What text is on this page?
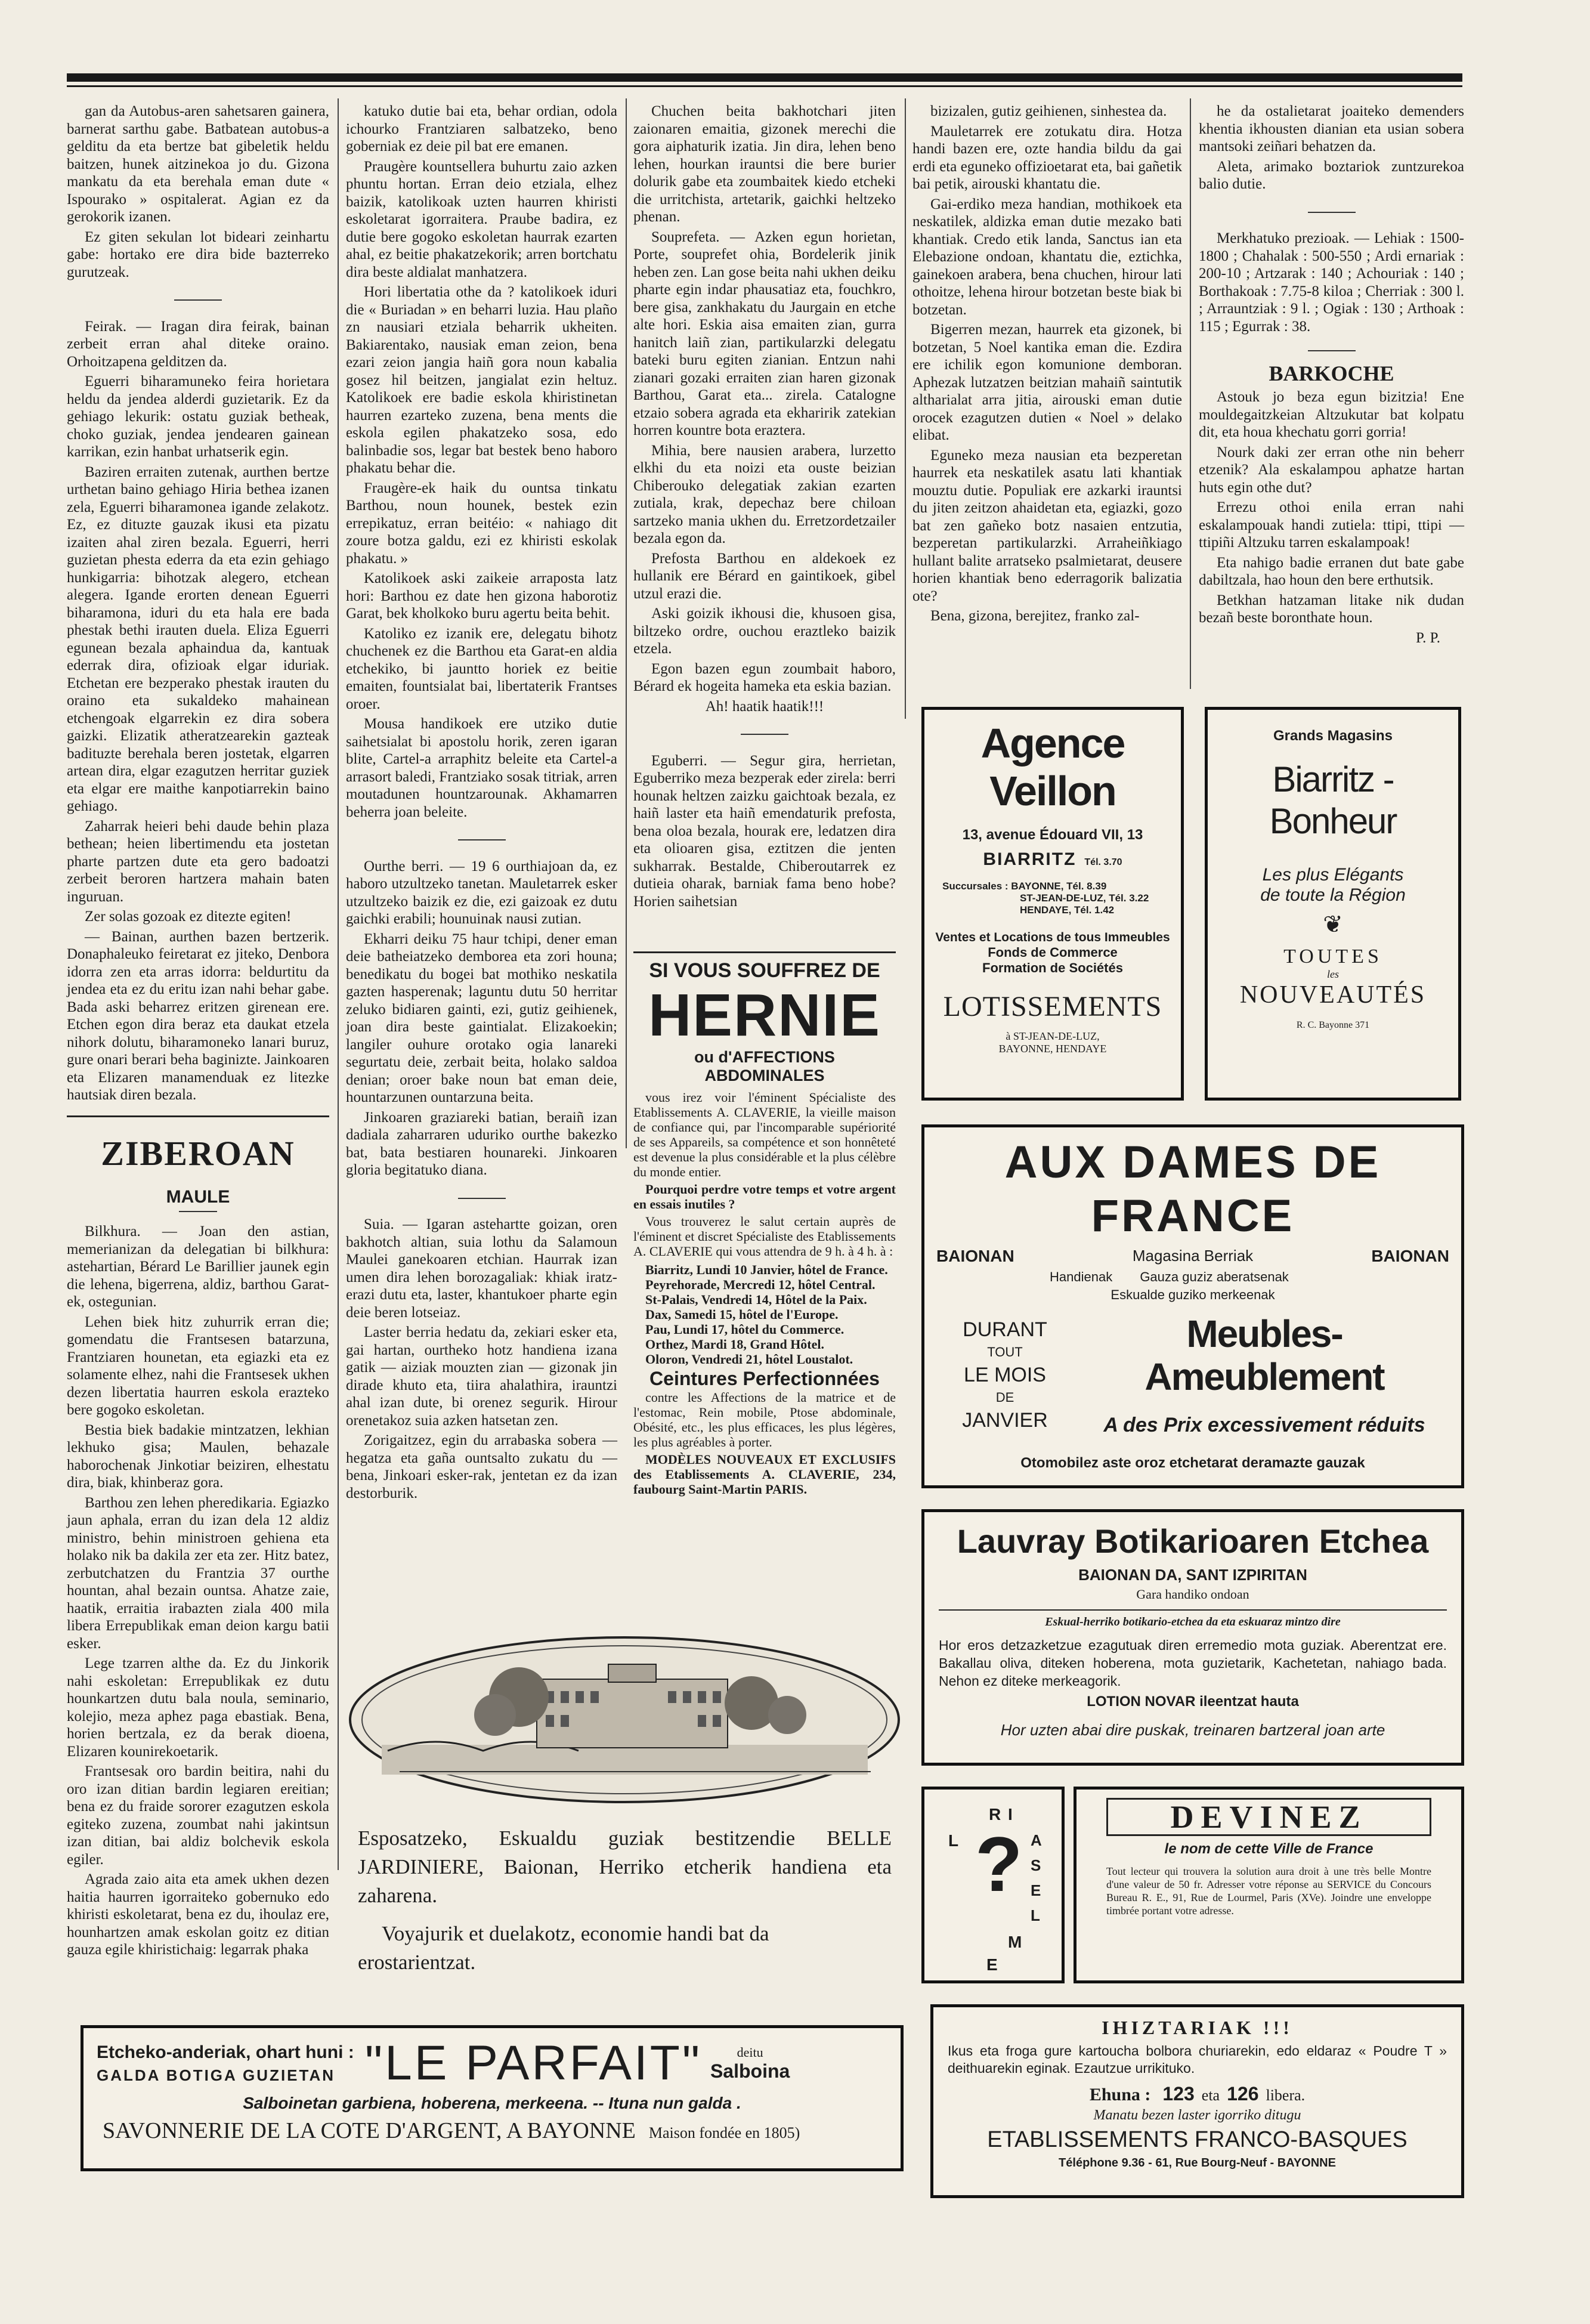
gan da Autobus-aren sahetsaren gainera, barnerat sarthu gabe. Batbatean autobus-a gelditu da eta bertze bat gibeletik heldu baitzen, hunek aitzinekoa jo du. Gizona mankatu da eta berehala eman dute « Ispourako » ospitalerat. Agian ez da gerokorik izanen.

Ez giten sekulan lot bideari zeinhartu gabe: hortako ere dira bide bazterreko gurutzeak.

Feirak. — Iragan dira feirak, bainan zerbeit erran ahal diteke oraino. Orhoitzapena gelditzen da.

Eguerri biharamuneko feira horietara heldu da jendea alderdi guzietarik. Ez da gehiago lekurik: ostatu guziak betheak, choko guziak, jendea jendearen gainean karrikan, ezin hanbat urhatserik egin.

Baziren erraiten zutenak, aurthen bertze urthetan baino gehiago Hiria bethea izanen zela, Eguerri biharamonea igande zelakotz. Ez, ez dituzte gauzak ikusi eta pizatu izaiten ahal ziren bezala. Eguerri, herri guzietan phesta ederra da eta ezin gehiago hunkigarria: bihotzak alegero, etchean alegera. Igande erorten denean Eguerri biharamona, iduri du eta hala ere bada phestak bethi irauten duela. Eliza Eguerri egunean bezala aphaindua da, kantuak ederrak dira, ofizioak elgar iduriak. Etchetan ere bezperako phestak irauten du oraino eta sukaldeko mahainean etchengoak elgarrekin ez dira sobera gaizki. Elizatik atheratzearekin gazteak badituzte berehala beren jostetak, elgarren artean dira, elgar ezagutzen herritar guziek eta elgar ere maithe kanpotiarrekin baino gehiago.

Zaharrak heieri behi daude behin plaza bethean; heien libertimendu eta jostetan pharte partzen dute eta gero badoatzi zerbeit beroren hartzera mahain baten inguruan.

Zer solas gozoak ez ditezte egiten!

— Bainan, aurthen bazen bertzerik. Donaphaleuko feiretarat ez jiteko, Denbora idorra zen eta arras idorra: beldurtitu da jendea eta ez du eritu izan nahi behar gabe. Bada aski beharrez eritzen girenean ere. Etchen egon dira beraz eta daukat etzela nihork dolutu, biharamoneko lanari buruz, gure onari berari beha baginizte. Jainkoaren eta Elizaren manamenduak ez litezke hautsiak diren bezala.

ZIBEROAN
MAULE

Bilkhura. — Joan den astian, memerianizan da delegatian bi bilkhura: astehartian, Bérard Le Barillier jaunek egin die lehena, bigerrena, aldiz, barthou Garat-ek, ostegunian.

Lehen biek hitz zuhurrik erran die; gomendatu die Frantsesen batarzuna, Frantziaren hounetan, eta egiazki eta ez solamente elhez, nahi die Frantsesek ukhen dezen libertatia haurren eskola erazteko bere gogoko eskoletan.

Bestia biek badakie mintzatzen, lekhian lekhuko gisa; Maulen, behazale haborochenak Jinkotiar beiziren, elhestatu dira, biak, khinberaz gora.

Barthou zen lehen pheredikaria. Egiazko jaun aphala, erran du izan dela 12 aldiz ministro, behin ministroen gehiena eta holako nik ba dakila zer eta zer. Hitz batez, zerbutchatzen du Frantzia 37 ourthe hountan, ahal bezain ountsa. Ahatze zaie, haatik, erraitia irabazten ziala 400 mila libera Errepublikak eman deion kargu batii esker.

Lege tzarren althe da. Ez du Jinkorik nahi eskoletan: Errepublikak ez dutu hounkartzen dutu bala noula, seminario, kolejio, meza aphez paga ebastiak. Bena, horien bertzala, ez da berak dioena, Elizaren kounirekoetarik.

Frantsesak oro bardin beitira, nahi du oro izan ditian bardin legiaren ereitian; bena ez du fraide sororer ezagutzen eskola egiteko zuzena, zoumbat nahi jakintsun izan ditian, bai aldiz bolchevik eskola egiler.

Agrada zaio aita eta amek ukhen dezen haitia haurren igorraiteko gobernuko edo khiristi eskoletarat, bena ez du, ihoulaz ere, hounhartzen amak eskolan goitz ez ditian gauza egile khiristichaig: legarrak phaka

katuko dutie bai eta, behar ordian, odola ichourko Frantziaren salbatzeko, beno goberniak ez deie pil bat ere emanen.

Praugère kountsellera buhurtu zaio azken phuntu hortan. Erran deio etziala, elhez baizik, katolikoak uzten haurren khiristi eskoletarat igorraitera. Praube badira, ez dutie bere gogoko eskoletan haurrak ezarten ahal, ez beitie phakatzekorik; arren bortchatu dira beste aldialat manhatzera.

Hori libertatia othe da ? katolikoek iduri die « Buriadan » en beharri luzia. Hau plaño zn nausiari etziala beharrik ukheiten. Bakiarentako, nausiak eman zeion, bena ezari zeion jangia haiñ gora noun kabalia gosez hil beitzen, jangialat ezin heltuz. Katolikoek ere badie eskola khiristinetan haurren ezarteko zuzena, bena ments die eskola egilen phakatzeko sosa, edo balinbadie sos, legar bat bestek beno haboro phakatu behar die.

Fraugère-ek haik du ountsa tinkatu Barthou, noun hounek, bestek ezin errepikatuz, erran beitéio: « nahiago dit zoure botza galdu, ezi ez khiristi eskolak phakatu. »

Katolikoek aski zaikeie arraposta latz hori: Barthou ez date hen gizona haborotiz Garat, bek kholkoko buru agertu beita behit.

Katoliko ez izanik ere, delegatu bihotz chuchenek ez die Barthou eta Garat-en aldia etchekiko, bi jauntto horiek ez beitie emaiten, fountsialat bai, libertaterik Frantses oroer.

Mousa handikoek ere utziko dutie saihetsialat bi apostolu horik, zeren igaran blite, Cartel-a arraphitz beleite eta Cartel-a arrasort baledi, Frantziako sosak titriak, arren moutadunen hountzarounak. Akhamarren beherra joan beleite.

Ourthe berri. — 19 6 ourthiajoan da, ez haboro utzultzeko tanetan. Mauletarrek esker utzultzeko baizik ez die, ezi gaizoak ez dutu gaichki erabili; hounuinak nausi zutian.

Ekharri deiku 75 haur tchipi, dener eman deie batheiatzeko demborea eta zori houna; benedikatu du bogei bat mothiko neskatila gazten hasperenak; laguntu dutu 50 herritar zeluko bidiaren gainti, ezi, gutiz geihienek, joan dira beste gaintialat. Elizakoekin; langiler ouhure orotako ogia lanareki segurtatu deie, zerbait beita, holako saldoa denian; oroer bake noun bat eman deie, hountarzunen ountarzuna beita.

Jinkoaren graziareki batian, beraiñ izan dadiala zaharraren uduriko ourthe bakezko bat, bata bestiaren hounareki. Jinkoaren gloria begitatuko diana.

Suia. — Igaran astehartte goizan, oren bakhotch altian, suia lothu da Salamoun Maulei ganekoaren etchian. Haurrak izan umen dira lehen borozagaliak: khiak iratz-erazi dutu eta, laster, khantukoer pharte egin deie beren lotseiaz.

Laster berria hedatu da, zekiari esker eta, gai hartan, ourtheko hotz handiena izana gatik — aiziak mouzten zian — gizonak jin dirade khuto eta, tiira ahalathira, irauntzi ahal izan dute, bi orenez segurik. Hirour orenetakoz suia azken hatsetan zen.

Zorigaitzez, egin du arrabaska sobera — hegatza eta gaña ountsalto zukatu du — bena, Jinkoari esker-rak, jentetan ez da izan destorburik.

Chuchen beita bakhotchari jiten zaionaren emaitia, gizonek merechi die gora aiphaturik izatia. Jin dira, lehen beno lehen, hourkan irauntsi die bere burier dolurik gabe eta zoumbaitek kiedo etcheki die urritchista, artetarik, gaichki heltzeko phenan.

Souprefeta. — Azken egun horietan, Porte, souprefet ohia, Bordelerik jinik heben zen. Lan gose beita nahi ukhen deiku pharte egin indar phausatiaz eta, fouchkro, bere gisa, zankhakatu du Jaurgain en etche alte hori. Eskia aisa emaiten zian, gurra hanitch laiñ zian, partikularzki delegatu bateki buru egiten zianian. Entzun nahi zianari gozaki erraiten zian haren gizonak Barthou, Garat eta... zirela. Catalogne etzaio sobera agrada eta ekharirik zatekian horren kountre bota eraztera.

Mihia, bere nausien arabera, lurzetto elkhi du eta noizi eta ouste beizian Chiberouko delegatiak zakian ezarten zutiala, krak, depechaz bere chiloan sartzeko mania ukhen du. Erretzordetzailer bezala egon da.

Prefosta Barthou en aldekoek ez hullanik ere Bérard en gaintikoek, gibel utzul erazi die.

Aski goizik ikhousi die, khusoen gisa, biltzeko ordre, ouchou eraztleko baizik etzela.

Egon bazen egun zoumbait haboro, Bérard ek hogeita hameka eta eskia bazian.

Ah! haatik haatik!!!

Eguberri. — Segur gira, herrietan, Eguberriko meza bezperak eder zirela: berri hounak heltzen zaizku gaichtoak bezala, ez haiñ laster eta haiñ emendaturik prefosta, bena oloa bezala, hourak ere, ledatzen dira eta olioaren gisa, eztitzen die jenten sukharrak. Bestalde, Chiberoutarrek ez dutieia oharak, barniak fama beno hobe? Horien saihetsian

SI VOUS SOUFFREZ DE
HERNIE
ou d'AFFECTIONS ABDOMINALES

vous irez voir l'éminent Spécialiste des Etablissements A. CLAVERIE, la vieille maison de confiance qui, par l'incomparable supériorité de ses Appareils, sa compétence et son honnêteté est devenue la plus considérable et la plus célèbre du monde entier.

Pourquoi perdre votre temps et votre argent en essais inutiles ?

Vous trouverez le salut certain auprès de l'éminent et discret Spécialiste des Etablissements A. CLAVERIE qui vous attendra de 9 h. à 4 h. à :

Biarritz, Lundi 10 Janvier, hôtel de France.

Peyrehorade, Mercredi 12, hôtel Central.

St-Palais, Vendredi 14, Hôtel de la Paix.

Dax, Samedi 15, hôtel de l'Europe.

Pau, Lundi 17, hôtel du Commerce.

Orthez, Mardi 18, Grand Hôtel.

Oloron, Vendredi 21, hôtel Loustalot.

Ceintures Perfectionnées

contre les Affections de la matrice et de l'estomac, Rein mobile, Ptose abdominale, Obésité, etc., les plus efficaces, les plus légères, les plus agréables à porter.

MODÈLES NOUVEAUX ET EXCLUSIFS des Etablissements A. CLAVERIE, 234, faubourg Saint-Martin PARIS.

bizizalen, gutiz geihienen, sinhestea da.

Mauletarrek ere zotukatu dira. Hotza handi bazen ere, ozte handia bildu da gai erdi eta eguneko offizioetarat eta, bai gañetik bai petik, airouski khantatu die.

Gai-erdiko meza handian, mothikoek eta neskatilek, aldizka eman dutie mezako bati khantiak. Credo etik landa, Sanctus ian eta Elebazione ondoan, khantatu die, eztichka, gainekoen arabera, bena chuchen, hirour lati othoitze, lehena hirour botzetan beste biak bi botzetan.

Bigerren mezan, haurrek eta gizonek, bi botzetan, 5 Noel kantika eman die. Ezdira ere ichilik egon komunione demboran. Aphezak lutzatzen beitzian mahaiñ saintutik altharialat arra jitia, airouski eman dutie orocek ezagutzen dutien « Noel » delako elibat.

Eguneko meza nausian eta bezperetan haurrek eta neskatilek asatu lati khantiak mouztu dutie. Populiak ere azkarki irauntsi du jiten zeitzon ahaidetan eta, egiazki, gozo bat zen gañeko botz nasaien entzutia, bezperetan partikularzki. Arraheiñkiago hullant balite arratseko psalmietarat, deusere horien khantiak beno ederragorik balizatia ote?

Bena, gizona, berejitez, franko zal-

he da ostalietarat joaiteko demenders khentia ikhousten dianian eta usian sobera mantsoki zeiñari behatzen da.

Aleta, arimako boztariok zuntzurekoa balio dutie.

Merkhatuko prezioak. — Lehiak : 1500-1800 ; Chahalak : 500-550 ; Ardi ernariak : 200-10 ; Artzarak : 140 ; Achouriak : 140 ; Borthakoak : 7.75-8 kiloa ; Cherriak : 300 l. ; Arrauntziak : 9 l. ; Ogiak : 130 ; Arthoak : 115 ; Egurrak : 38.

BARKOCHE

Astouk jo beza egun bizitzia! Ene mouldegaitzkeian Altzukutar bat kolpatu dit, eta houa khechatu gorri gorria!

Nourk daki zer erran othe nin beherr etzenik? Ala eskalampou aphatze hartan huts egin othe dut?

Errezu othoi enila erran nahi eskalampouak handi zutiela: ttipi, ttipi — ttipiñi Altzuku tarren eskalampoak!

Eta nahigo badie erranen dut bate gabe dabiltzala, hao houn den bere erthutsik.

Betkhan hatzaman litake nik dudan bezañ beste boronthate houn.

P. P.

Agence Veillon
13, avenue Édouard VII, 13
BIARRITZ Tél. 3.70
Succursales : BAYONNE, Tél. 8.39
ST-JEAN-DE-LUZ, Tél. 3.22
HENDAYE, Tél. 1.42
Ventes et Locations de tous Immeubles
Fonds de Commerce
Formation de Sociétés
LOTISSEMENTS
à ST-JEAN-DE-LUZ,
BAYONNE, HENDAYE
Grands Magasins
Biarritz - Bonheur
Les plus Elégants
de toute la Région
❦
TOUTES
les
NOUVEAUTÉS
R. C. Bayonne 371
AUX DAMES DE FRANCE
BAIONAN	Magasina Berriak	BAIONAN
Handienak Gauza guziz aberatsenak
Eskualde guziko merkeenak
DURANT
TOUT
LE MOIS
DE
JANVIER
Meubles-Ameublement
A des Prix excessivement réduits
Otomobilez aste oroz etchetarat deramazte gauzak
Lauvray Botikarioaren Etchea
BAIONAN DA, SANT IZPIRITAN
Gara handiko ondoan
Eskual-herriko botikario-etchea da eta eskuaraz mintzo dire
Hor eros detzazketzue ezagutuak diren erremedio mota guziak. Aberentzat ere. Bakallau oliva, diteken hoberena, mota guzietarik, Kachetetan, nahiago bada. Nehon ez diteke merkeagorik.
LOTION NOVAR ileentzat hauta
Hor uzten abai dire puskak, treinaren bartzeraI joan arte
R I
L ? A
S
E
L
M
E
DEVINEZ
le nom de cette Ville de France
Tout lecteur qui trouvera la solution aura droit à une très belle Montre d'une valeur de 50 fr. Adresser votre réponse au SERVICE du Concours Bureau R. E., 91, Rue de Lourmel, Paris (XVe). Joindre une enveloppe timbrée portant votre adresse.
IHIZTARIAK !!!
Ikus eta froga gure kartoucha bolbora churiarekin, edo eldaraz « Poudre T » deithuarekin eginak. Ezautzue urrikituko.
Ehuna : 123 eta 126 libera.
Manatu bezen laster igorriko ditugu
ETABLISSEMENTS FRANCO-BASQUES
Téléphone 9.36 - 61, Rue Bourg-Neuf - BAYONNE
Esposatzeko, Eskualdu guziak bestitzendie BELLE JARDINIERE, Baionan, Herriko etcherik handiena eta zaharena.
Voyajurik et duelakotz, economie handi bat da erostarientzat.
Etcheko-anderiak, ohart huni :
GALDA BOTIGA GUZIETAN "LE PARFAIT"	deitu
Salboina
Salboinetan garbiena, hoberena, merkeena. -- Ituna nun galda .
SAVONNERIE DE LA COTE D'ARGENT, A BAYONNE Maison fondée en 1805)
